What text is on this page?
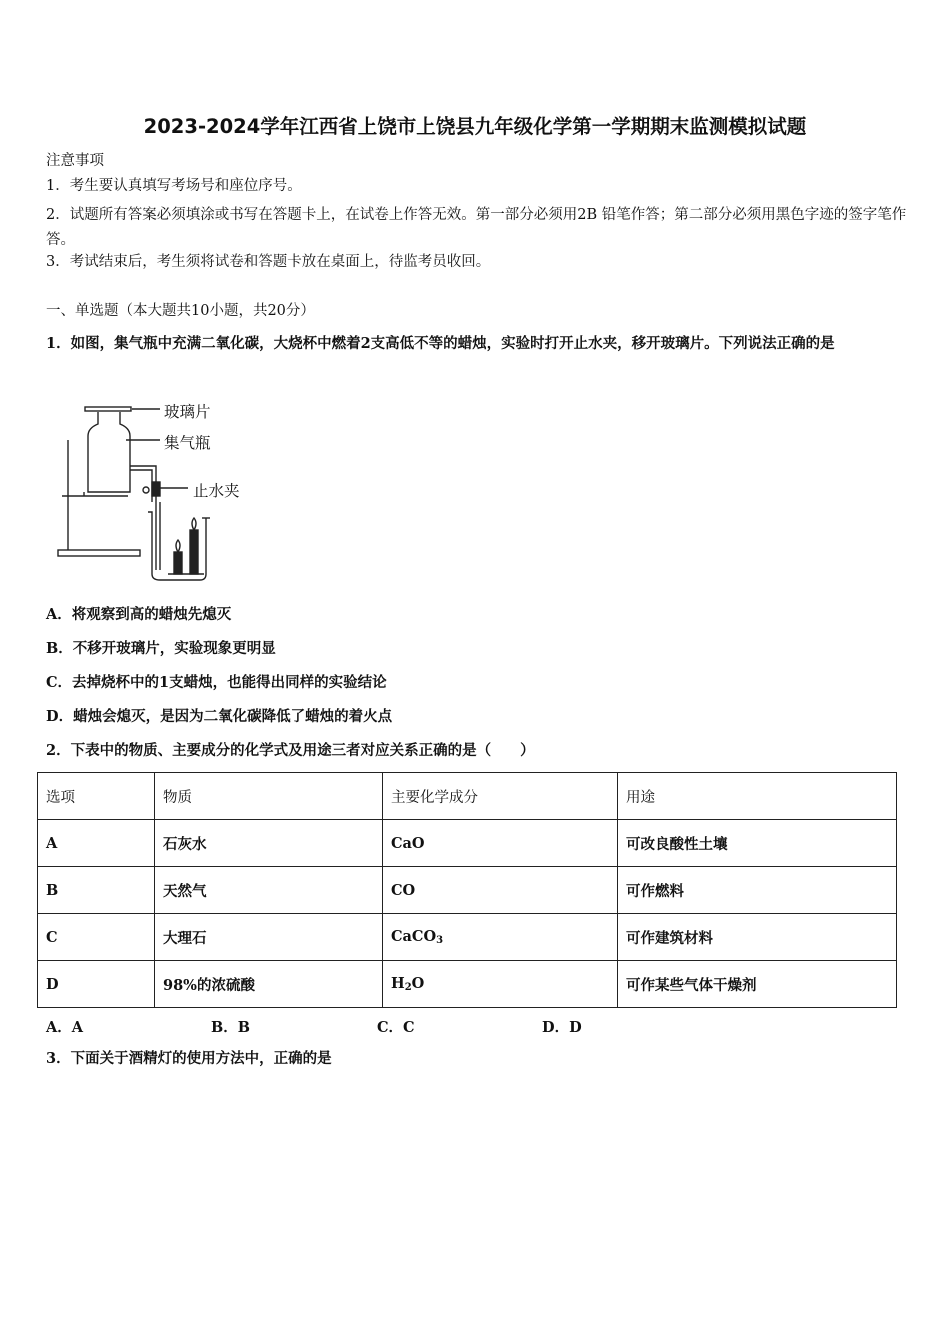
2023-2024学年江西省上饶市上饶县九年级化学第一学期期末监测模拟试题
注意事项
1．考生要认真填写考场号和座位序号。
2．试题所有答案必须填涂或书写在答题卡上，在试卷上作答无效。第一部分必须用2B 铅笔作答；第二部分必须用黑色字迹的签字笔作答。
3．考试结束后，考生须将试卷和答题卡放在桌面上，待监考员收回。
一、单选题（本大题共10小题，共20分）
1．如图，集气瓶中充满二氧化碳，大烧杯中燃着2支高低不等的蜡烛，实验时打开止水夹，移开玻璃片。下列说法正确的是
玻璃片
集气瓶
止水夹
A．将观察到高的蜡烛先熄灭
B．不移开玻璃片，实验现象更明显
C．去掉烧杯中的1支蜡烛，也能得出同样的实验结论
D．蜡烛会熄灭，是因为二氧化碳降低了蜡烛的着火点
2．下表中的物质、主要成分的化学式及用途三者对应关系正确的是（　　）
选项	物质	主要化学成分	用途
A	石灰水	CaO	可改良酸性土壤
B	天然气	CO	可作燃料
C	大理石	CaCO$_3$	可作建筑材料
D	98%的浓硫酸	$H_2O$	可作某些气体干燥剂
A．A	B．B	C．C	D．D
3．下面关于酒精灯的使用方法中，正确的是
